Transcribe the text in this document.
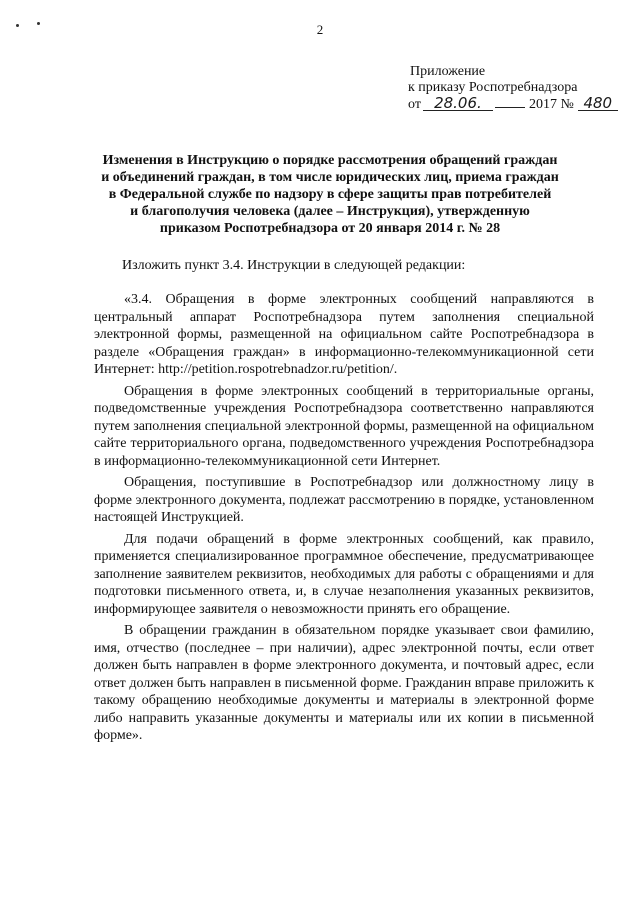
2
Приложение
к приказу Роспотребнадзора
от 28.06.	2017 № 480
Изменения в Инструкцию о порядке рассмотрения обращений граждан
и объединений граждан, в том числе юридических лиц, приема граждан
в Федеральной службе по надзору в сфере защиты прав потребителей
и благополучия человека (далее – Инструкция), утвержденную
приказом Роспотребнадзора от 20 января 2014 г. № 28
Изложить пункт 3.4. Инструкции в следующей редакции:

«3.4. Обращения в форме электронных сообщений направляются в центральный аппарат Роспотребнадзора путем заполнения специальной электронной формы, размещенной на официальном сайте Роспотребнадзора в разделе «Обращения граждан» в информационно-телекоммуникационной сети Интернет: http://petition.rospotrebnadzor.ru/petition/.

Обращения в форме электронных сообщений в территориальные органы, подведомственные учреждения Роспотребнадзора соответственно направляются путем заполнения специальной электронной формы, размещенной на официальном сайте территориального органа, подведомственного учреждения Роспотребнадзора в информационно-телекоммуникационной сети Интернет.

Обращения, поступившие в Роспотребнадзор или должностному лицу в форме электронного документа, подлежат рассмотрению в порядке, установленном настоящей Инструкцией.

Для подачи обращений в форме электронных сообщений, как правило, применяется специализированное программное обеспечение, предусматривающее заполнение заявителем реквизитов, необходимых для работы с обращениями и для подготовки письменного ответа, и, в случае незаполнения указанных реквизитов, информирующее заявителя о невозможности принять его обращение.

В обращении гражданин в обязательном порядке указывает свои фамилию, имя, отчество (последнее – при наличии), адрес электронной почты, если ответ должен быть направлен в форме электронного документа, и почтовый адрес, если ответ должен быть направлен в письменной форме. Гражданин вправе приложить к такому обращению необходимые документы и материалы в электронной форме либо направить указанные документы и материалы или их копии в письменной форме».
